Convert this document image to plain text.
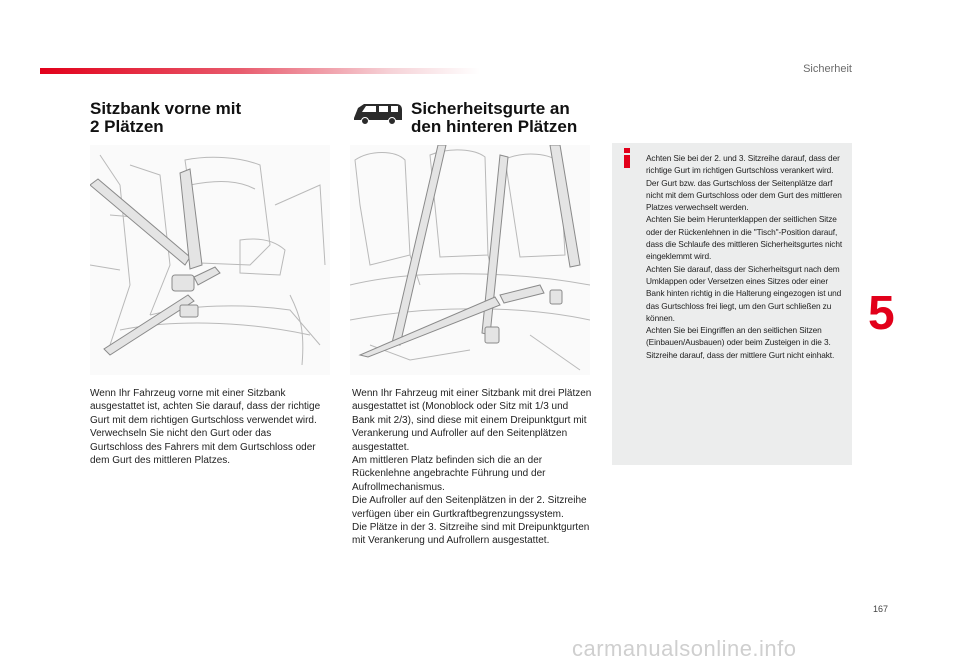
Sicherheit
5
167
Sitzbank vorne mit
2 Plätzen

Wenn Ihr Fahrzeug vorne mit einer Sitzbank ausgestattet ist, achten Sie darauf, dass der richtige Gurt mit dem richtigen Gurtschloss verwendet wird.

Verwechseln Sie nicht den Gurt oder das Gurtschloss des Fahrers mit dem Gurtschloss oder dem Gurt des mittleren Platzes.

Sicherheitsgurte an
den hinteren Plätzen

Wenn Ihr Fahrzeug mit einer Sitzbank mit drei Plätzen ausgestattet ist (Monoblock oder Sitz mit 1/3 und Bank mit 2/3), sind diese mit einem Dreipunktgurt mit Verankerung und Aufroller auf den Seitenplätzen ausgestattet.

Am mittleren Platz befinden sich die an der Rückenlehne angebrachte Führung und der Aufrollmechanismus.

Die Aufroller auf den Seitenplätzen in der 2. Sitzreihe verfügen über ein Gurtkraftbegrenzungssystem.

Die Plätze in der 3. Sitzreihe sind mit Dreipunktgurten mit Verankerung und Aufrollern ausgestattet.

Achten Sie bei der 2. und 3. Sitzreihe darauf, dass der richtige Gurt im richtigen Gurtschloss verankert wird.

Der Gurt bzw. das Gurtschloss der Seitenplätze darf nicht mit dem Gurtschloss oder dem Gurt des mittleren Platzes verwechselt werden.

Achten Sie beim Herunterklappen der seitlichen Sitze oder der Rückenlehnen in die "Tisch"-Position darauf, dass die Schlaufe des mittleren Sicherheitsgurtes nicht eingeklemmt wird.

Achten Sie darauf, dass der Sicherheitsgurt nach dem Umklappen oder Versetzen eines Sitzes oder einer Bank hinten richtig in die Halterung eingezogen ist und das Gurtschloss frei liegt, um den Gurt schließen zu können.

Achten Sie bei Eingriffen an den seitlichen Sitzen (Einbauen/Ausbauen) oder beim Zusteigen in die 3. Sitzreihe darauf, dass der mittlere Gurt nicht einhakt.

carmanualsonline.info
